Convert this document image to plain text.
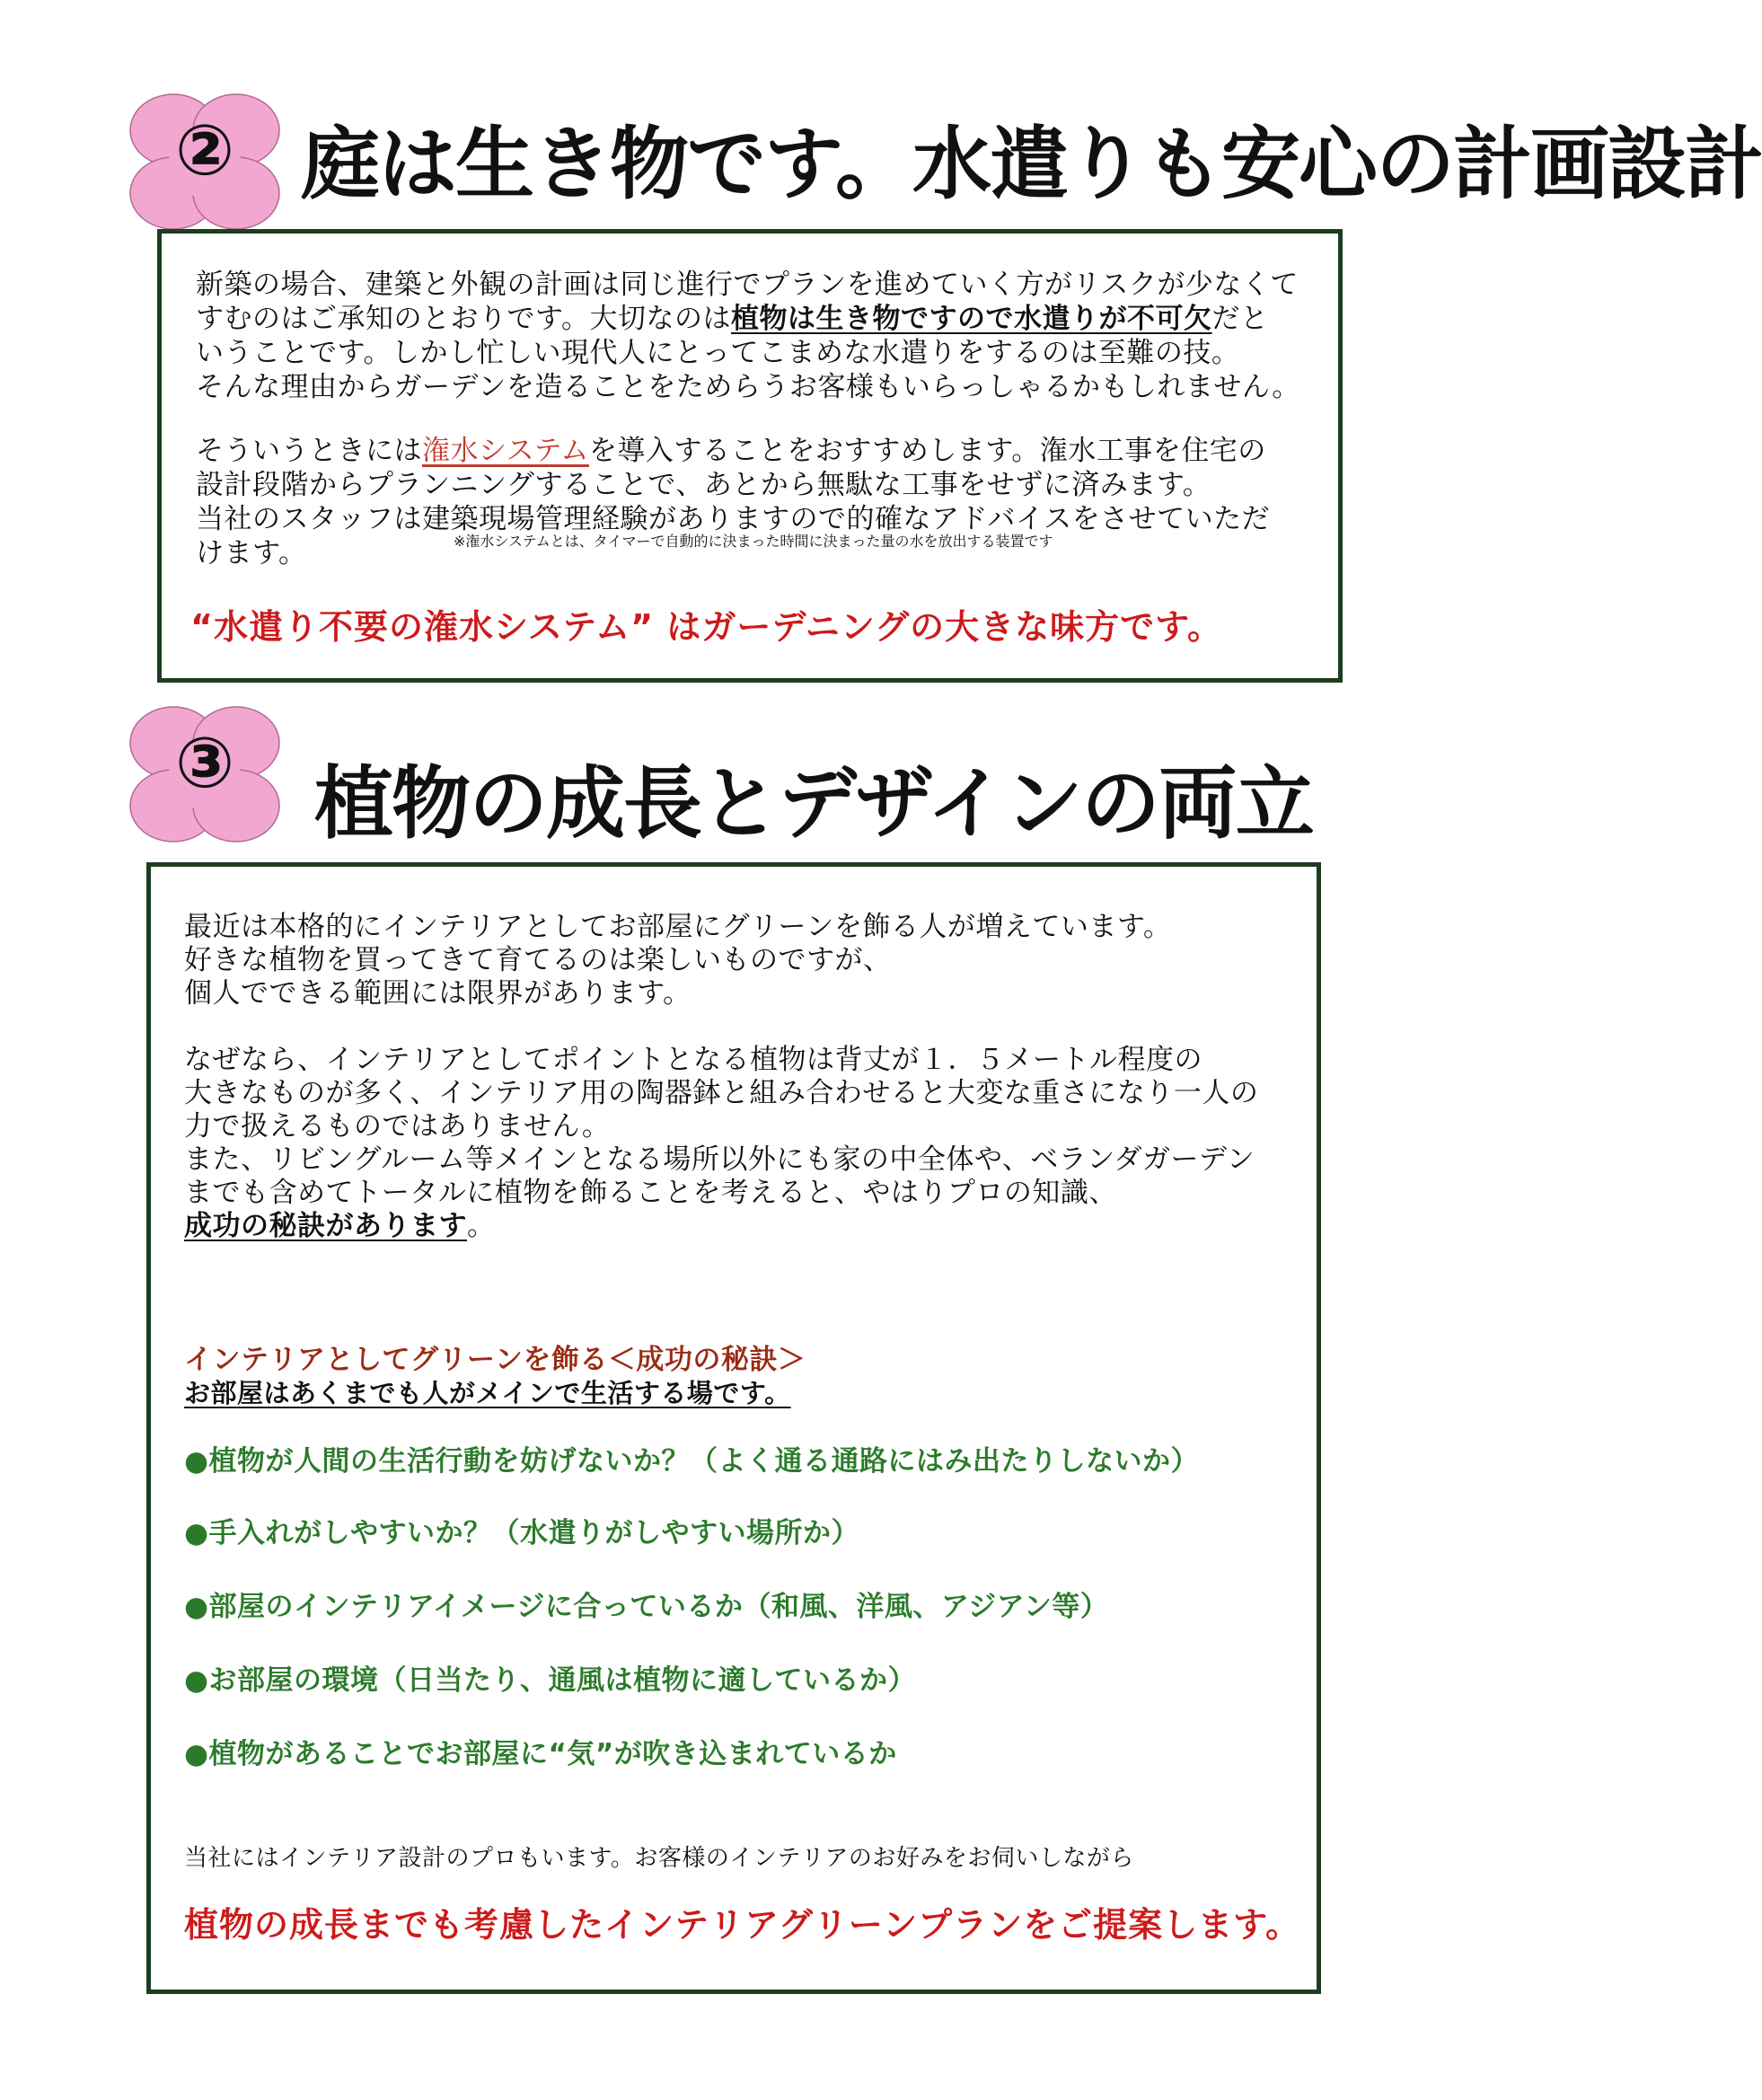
② 庭は生き物です。水遣りも安心の計画設計
新築の場合、建築と外観の計画は同じ進行でプランを進めていく方がリスクが少なくて
すむのはご承知のとおりです。大切なのは植物は生き物ですので水遣りが不可欠だと
いうことです。しかし忙しい現代人にとってこまめな水遣りをするのは至難の技。
そんな理由からガーデンを造ることをためらうお客様もいらっしゃるかもしれません。
そういうときには潅水システムを導入することをおすすめします。潅水工事を住宅の
設計段階からプランニングすることで、あとから無駄な工事をせずに済みます。
当社のスタッフは建築現場管理経験がありますので的確なアドバイスをさせていただ
けます。	※潅水システムとは、タイマーで自動的に決まった時間に決まった量の水を放出する装置です
“水遣り不要の潅水システム” はガーデニングの大きな味方です。
③ 植物の成長とデザインの両立
最近は本格的にインテリアとしてお部屋にグリーンを飾る人が増えています。
好きな植物を買ってきて育てるのは楽しいものですが、
個人でできる範囲には限界があります。
なぜなら、インテリアとしてポイントとなる植物は背丈が１．５メートル程度の
大きなものが多く、インテリア用の陶器鉢と組み合わせると大変な重さになり一人の
力で扱えるものではありません。
また、リビングルーム等メインとなる場所以外にも家の中全体や、ベランダガーデン
までも含めてトータルに植物を飾ることを考えると、やはりプロの知識、
成功の秘訣があります。
インテリアとしてグリーンを飾る＜成功の秘訣＞
お部屋はあくまでも人がメインで生活する場です。
●植物が人間の生活行動を妨げないか？（よく通る通路にはみ出たりしないか）
●手入れがしやすいか？（水遣りがしやすい場所か）
●部屋のインテリアイメージに合っているか（和風、洋風、アジアン等）
●お部屋の環境（日当たり、通風は植物に適しているか）
●植物があることでお部屋に“気”が吹き込まれているか
当社にはインテリア設計のプロもいます。お客様のインテリアのお好みをお伺いしながら
植物の成長までも考慮したインテリアグリーンプランをご提案します。
